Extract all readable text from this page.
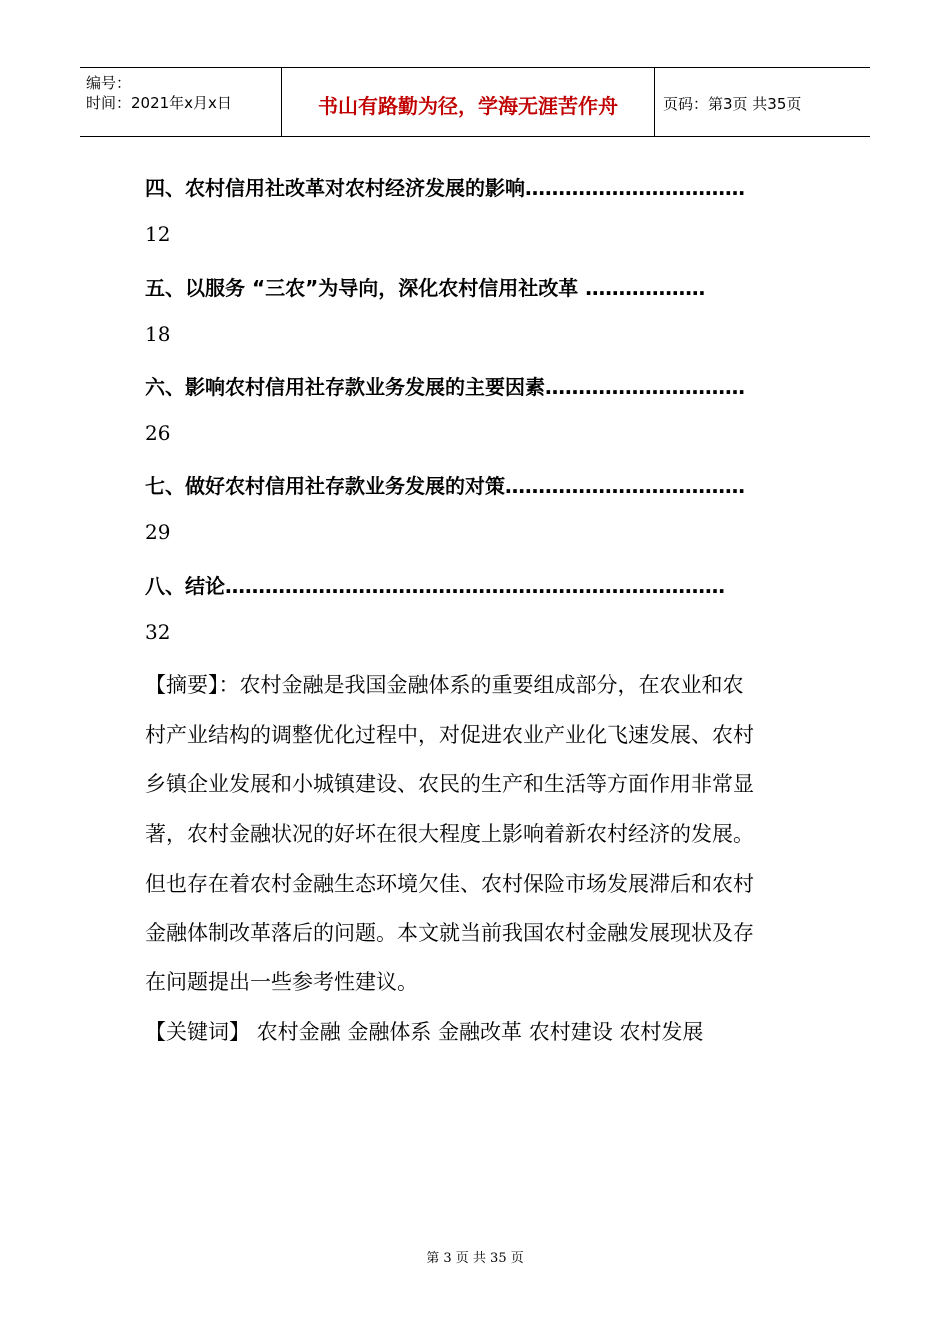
编号：
时间：2021年x月x日	书山有路勤为径，学海无涯苦作舟	页码：第3页 共35页
四、农村信用社改革对农村经济发展的影响……………………………
12
五、以服务 “三农”为导向，深化农村信用社改革 ………………
18
六、影响农村信用社存款业务发展的主要因素…………………………
26
七、做好农村信用社存款业务发展的对策………………………………
29
八、结论…………………………………………………………………
32
【摘要】：农村金融是我国金融体系的重要组成部分，在农业和农
村产业结构的调整优化过程中，对促进农业产业化飞速发展、农村
乡镇企业发展和小城镇建设、农民的生产和生活等方面作用非常显
著，农村金融状况的好坏在很大程度上影响着新农村经济的发展。
但也存在着农村金融生态环境欠佳、农村保险市场发展滞后和农村
金融体制改革落后的问题。本文就当前我国农村金融发展现状及存
在问题提出一些参考性建议。
【关键词】 农村金融 金融体系 金融改革 农村建设 农村发展
第 3 页 共 35 页
